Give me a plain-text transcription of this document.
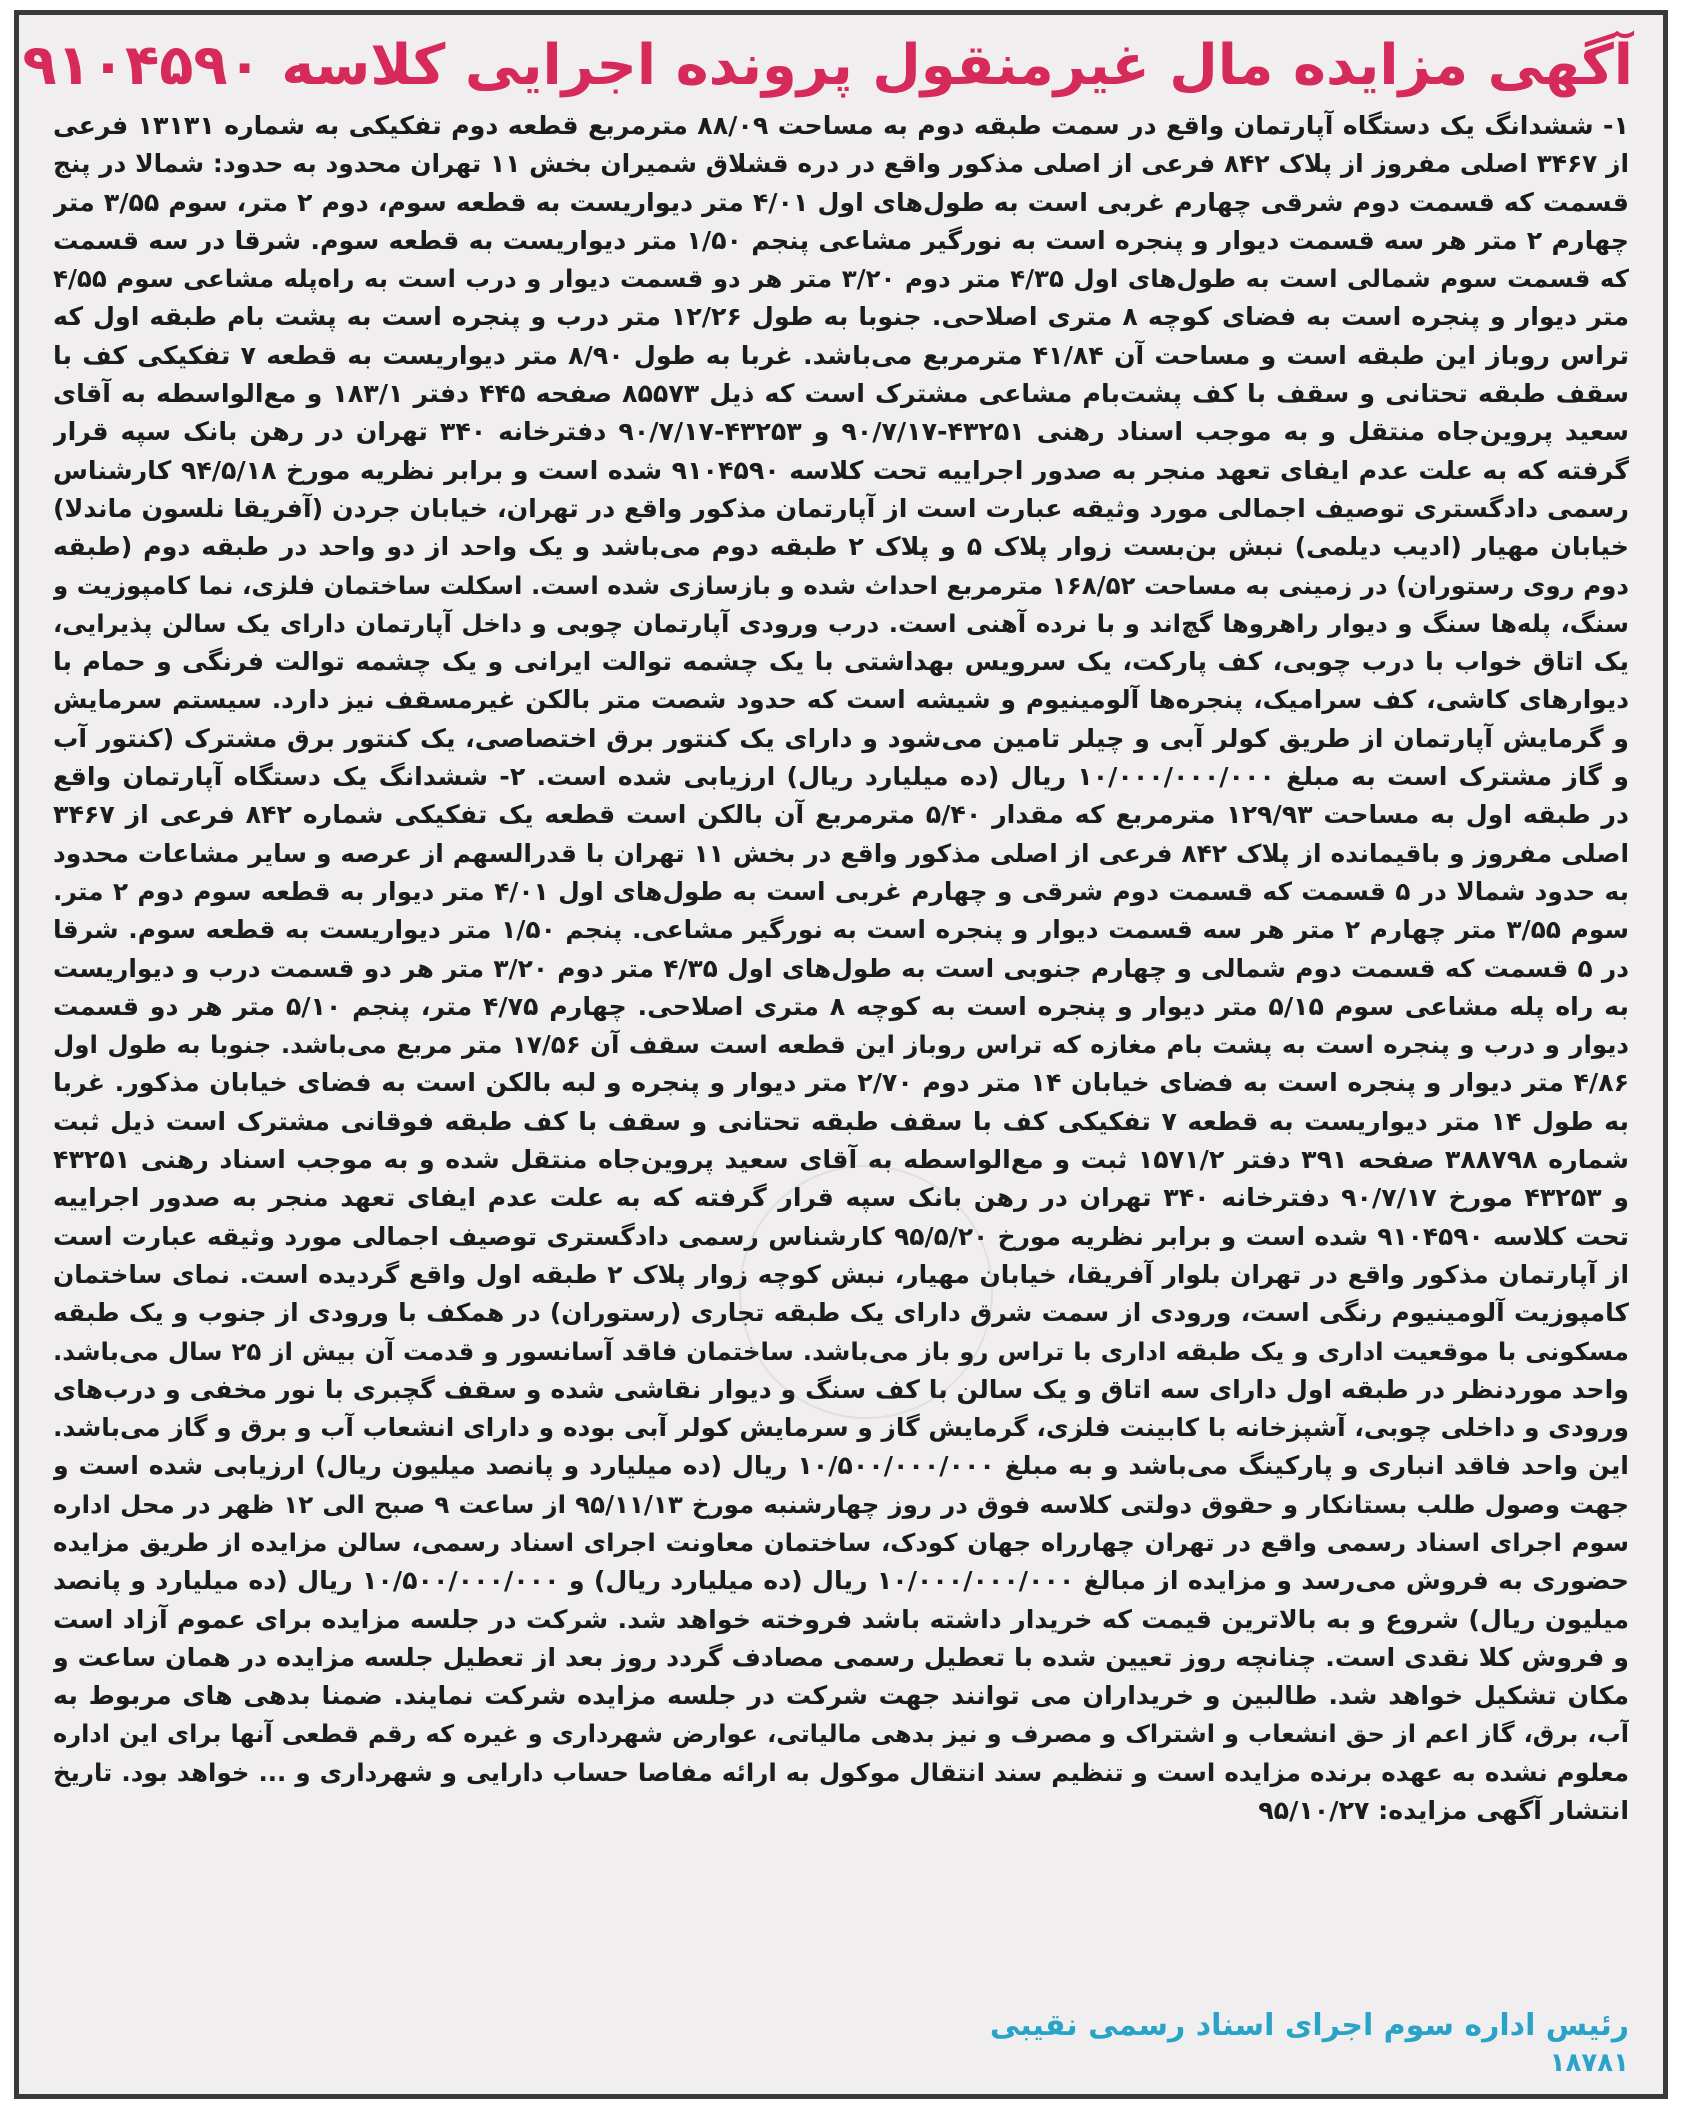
آگهی مزایده مال غیرمنقول پرونده اجرایی کلاسه ۹۱۰۴۵۹۰
۱- ششدانگ یک دستگاه آپارتمان واقع در سمت طبقه دوم به مساحت ۸۸/۰۹ مترمربع قطعه دوم تفکیکی به شماره ۱۳۱۳۱ فرعی
از ۳۴۶۷ اصلی مفروز از پلاک ۸۴۲ فرعی از اصلی مذکور واقع در دره قشلاق شمیران بخش ۱۱ تهران محدود به حدود: شمالا در پنج
قسمت که قسمت دوم شرقی چهارم غربی است به طول‌های اول ۴/۰۱ متر دیواریست به قطعه سوم، دوم ۲ متر، سوم ۳/۵۵ متر
چهارم ۲ متر هر سه قسمت دیوار و پنجره است به نورگیر مشاعی پنجم ۱/۵۰ متر دیواریست به قطعه سوم. شرقا در سه قسمت
که قسمت سوم شمالی است به طول‌های اول ۴/۳۵ متر دوم ۳/۲۰ متر هر دو قسمت دیوار و درب است به راه‌پله مشاعی سوم ۴/۵۵
متر دیوار و پنجره است به فضای کوچه ۸ متری اصلاحی. جنوبا به طول ۱۲/۲۶ متر درب و پنجره است به پشت بام طبقه اول که
تراس روباز این طبقه است و مساحت آن ۴۱/۸۴ مترمربع می‌باشد. غربا به طول ۸/۹۰ متر دیواریست به قطعه ۷ تفکیکی کف با
سقف طبقه تحتانی و سقف با کف پشت‌بام مشاعی مشترک است که ذیل ۸۵۵۷۳ صفحه ۴۴۵ دفتر ۱۸۳/۱ و مع‌الواسطه به آقای
سعید پروین‌جاه منتقل و به موجب اسناد رهنی ۴۳۲۵۱-۹۰/۷/۱۷ و ۴۳۲۵۳-۹۰/۷/۱۷ دفترخانه ۳۴۰ تهران در رهن بانک سپه قرار
گرفته که به علت عدم ایفای تعهد منجر به صدور اجراییه تحت کلاسه ۹۱۰۴۵۹۰ شده است و برابر نظریه مورخ ۹۴/۵/۱۸ کارشناس
رسمی دادگستری توصیف اجمالی مورد وثیقه عبارت است از آپارتمان مذکور واقع در تهران، خیابان جردن (آفریقا نلسون ماندلا)
خیابان مهیار (ادیب دیلمی) نبش بن‌بست زوار پلاک ۵ و پلاک ۲ طبقه دوم می‌باشد و یک واحد از دو واحد در طبقه دوم (طبقه
دوم روی رستوران) در زمینی به مساحت ۱۶۸/۵۲ مترمربع احداث شده و بازسازی شده است. اسکلت ساختمان فلزی، نما کامپوزیت و
سنگ، پله‌ها سنگ و دیوار راهروها گچ‌اند و با نرده آهنی است. درب ورودی آپارتمان چوبی و داخل آپارتمان دارای یک سالن پذیرایی،
یک اتاق خواب با درب چوبی، کف پارکت، یک سرویس بهداشتی با یک چشمه توالت ایرانی و یک چشمه توالت فرنگی و حمام با
دیوارهای کاشی، کف سرامیک، پنجره‌ها آلومینیوم و شیشه است که حدود شصت متر بالکن غیرمسقف نیز دارد. سیستم سرمایش
و گرمایش آپارتمان از طریق کولر آبی و چیلر تامین می‌شود و دارای یک کنتور برق اختصاصی، یک کنتور برق مشترک (کنتور آب
و گاز مشترک است به مبلغ ۱۰/۰۰۰/۰۰۰/۰۰۰ ریال (ده میلیارد ریال) ارزیابی شده است. ۲- ششدانگ یک دستگاه آپارتمان واقع
در طبقه اول به مساحت ۱۲۹/۹۳ مترمربع که مقدار ۵/۴۰ مترمربع آن بالکن است قطعه یک تفکیکی شماره ۸۴۲ فرعی از ۳۴۶۷
اصلی مفروز و باقیمانده از پلاک ۸۴۲ فرعی از اصلی مذکور واقع در بخش ۱۱ تهران با قدرالسهم از عرصه و سایر مشاعات محدود
به حدود شمالا در ۵ قسمت که قسمت دوم شرقی و چهارم غربی است به طول‌های اول ۴/۰۱ متر دیوار به قطعه سوم دوم ۲ متر.
سوم ۳/۵۵ متر چهارم ۲ متر هر سه قسمت دیوار و پنجره است به نورگیر مشاعی. پنجم ۱/۵۰ متر دیواریست به قطعه سوم. شرقا
در ۵ قسمت که قسمت دوم شمالی و چهارم جنوبی است به طول‌های اول ۴/۳۵ متر دوم ۳/۲۰ متر هر دو قسمت درب و دیواریست
به راه پله مشاعی سوم ۵/۱۵ متر دیوار و پنجره است به کوچه ۸ متری اصلاحی. چهارم ۴/۷۵ متر، پنجم ۵/۱۰ متر هر دو قسمت
دیوار و درب و پنجره است به پشت بام مغازه که تراس روباز این قطعه است سقف آن ۱۷/۵۶ متر مربع می‌باشد. جنوبا به طول اول
۴/۸۶ متر دیوار و پنجره است به فضای خیابان ۱۴ متر دوم ۲/۷۰ متر دیوار و پنجره و لبه بالکن است به فضای خیابان مذکور. غربا
به طول ۱۴ متر دیواریست به قطعه ۷ تفکیکی کف با سقف طبقه تحتانی و سقف با کف طبقه فوقانی مشترک است ذیل ثبت
شماره ۳۸۸۷۹۸ صفحه ۳۹۱ دفتر ۱۵۷۱/۲ ثبت و مع‌الواسطه به آقای سعید پروین‌جاه منتقل شده و به موجب اسناد رهنی ۴۳۲۵۱
و ۴۳۲۵۳ مورخ ۹۰/۷/۱۷ دفترخانه ۳۴۰ تهران در رهن بانک سپه قرار گرفته که به علت عدم ایفای تعهد منجر به صدور اجراییه
تحت کلاسه ۹۱۰۴۵۹۰ شده است و برابر نظریه مورخ ۹۵/۵/۲۰ کارشناس رسمی دادگستری توصیف اجمالی مورد وثیقه عبارت است
از آپارتمان مذکور واقع در تهران بلوار آفریقا، خیابان مهیار، نبش کوچه زوار پلاک ۲ طبقه اول واقع گردیده است. نمای ساختمان
کامپوزیت آلومینیوم رنگی است، ورودی از سمت شرق دارای یک طبقه تجاری (رستوران) در همکف با ورودی از جنوب و یک طبقه
مسکونی با موقعیت اداری و یک طبقه اداری با تراس رو باز می‌باشد. ساختمان فاقد آسانسور و قدمت آن بیش از ۲۵ سال می‌باشد.
واحد موردنظر در طبقه اول دارای سه اتاق و یک سالن با کف سنگ و دیوار نقاشی شده و سقف گچبری با نور مخفی و درب‌های
ورودی و داخلی چوبی، آشپزخانه با کابینت فلزی، گرمایش گاز و سرمایش کولر آبی بوده و دارای انشعاب آب و برق و گاز می‌باشد.
این واحد فاقد انباری و پارکینگ می‌باشد و به مبلغ ۱۰/۵۰۰/۰۰۰/۰۰۰ ریال (ده میلیارد و پانصد میلیون ریال) ارزیابی شده است و
جهت وصول طلب بستانکار و حقوق دولتی کلاسه فوق در روز چهارشنبه مورخ ۹۵/۱۱/۱۳ از ساعت ۹ صبح الی ۱۲ ظهر در محل اداره
سوم اجرای اسناد رسمی واقع در تهران چهارراه جهان کودک، ساختمان معاونت اجرای اسناد رسمی، سالن مزایده از طریق مزایده
حضوری به فروش می‌رسد و مزایده از مبالغ ۱۰/۰۰۰/۰۰۰/۰۰۰ ریال (ده میلیارد ریال) و ۱۰/۵۰۰/۰۰۰/۰۰۰ ریال (ده میلیارد و پانصد
میلیون ریال) شروع و به بالاترین قیمت که خریدار داشته باشد فروخته خواهد شد. شرکت در جلسه مزایده برای عموم آزاد است
و فروش کلا نقدی است. چنانچه روز تعیین شده با تعطیل رسمی مصادف گردد روز بعد از تعطیل جلسه مزایده در همان ساعت و
مکان تشکیل خواهد شد. طالبین و خریداران می توانند جهت شرکت در جلسه مزایده شرکت نمایند. ضمنا بدهی های مربوط به
آب، برق، گاز اعم از حق انشعاب و اشتراک و مصرف و نیز بدهی مالیاتی، عوارض شهرداری و غیره که رقم قطعی آنها برای این اداره
معلوم نشده به عهده برنده مزایده است و تنظیم سند انتقال موکول به ارائه مفاصا حساب دارایی و شهرداری و ... خواهد بود. تاریخ
انتشار آگهی مزایده: ۹۵/۱۰/۲۷
رئیس اداره سوم اجرای اسناد رسمی نقیبی
۱۸۷۸۱
